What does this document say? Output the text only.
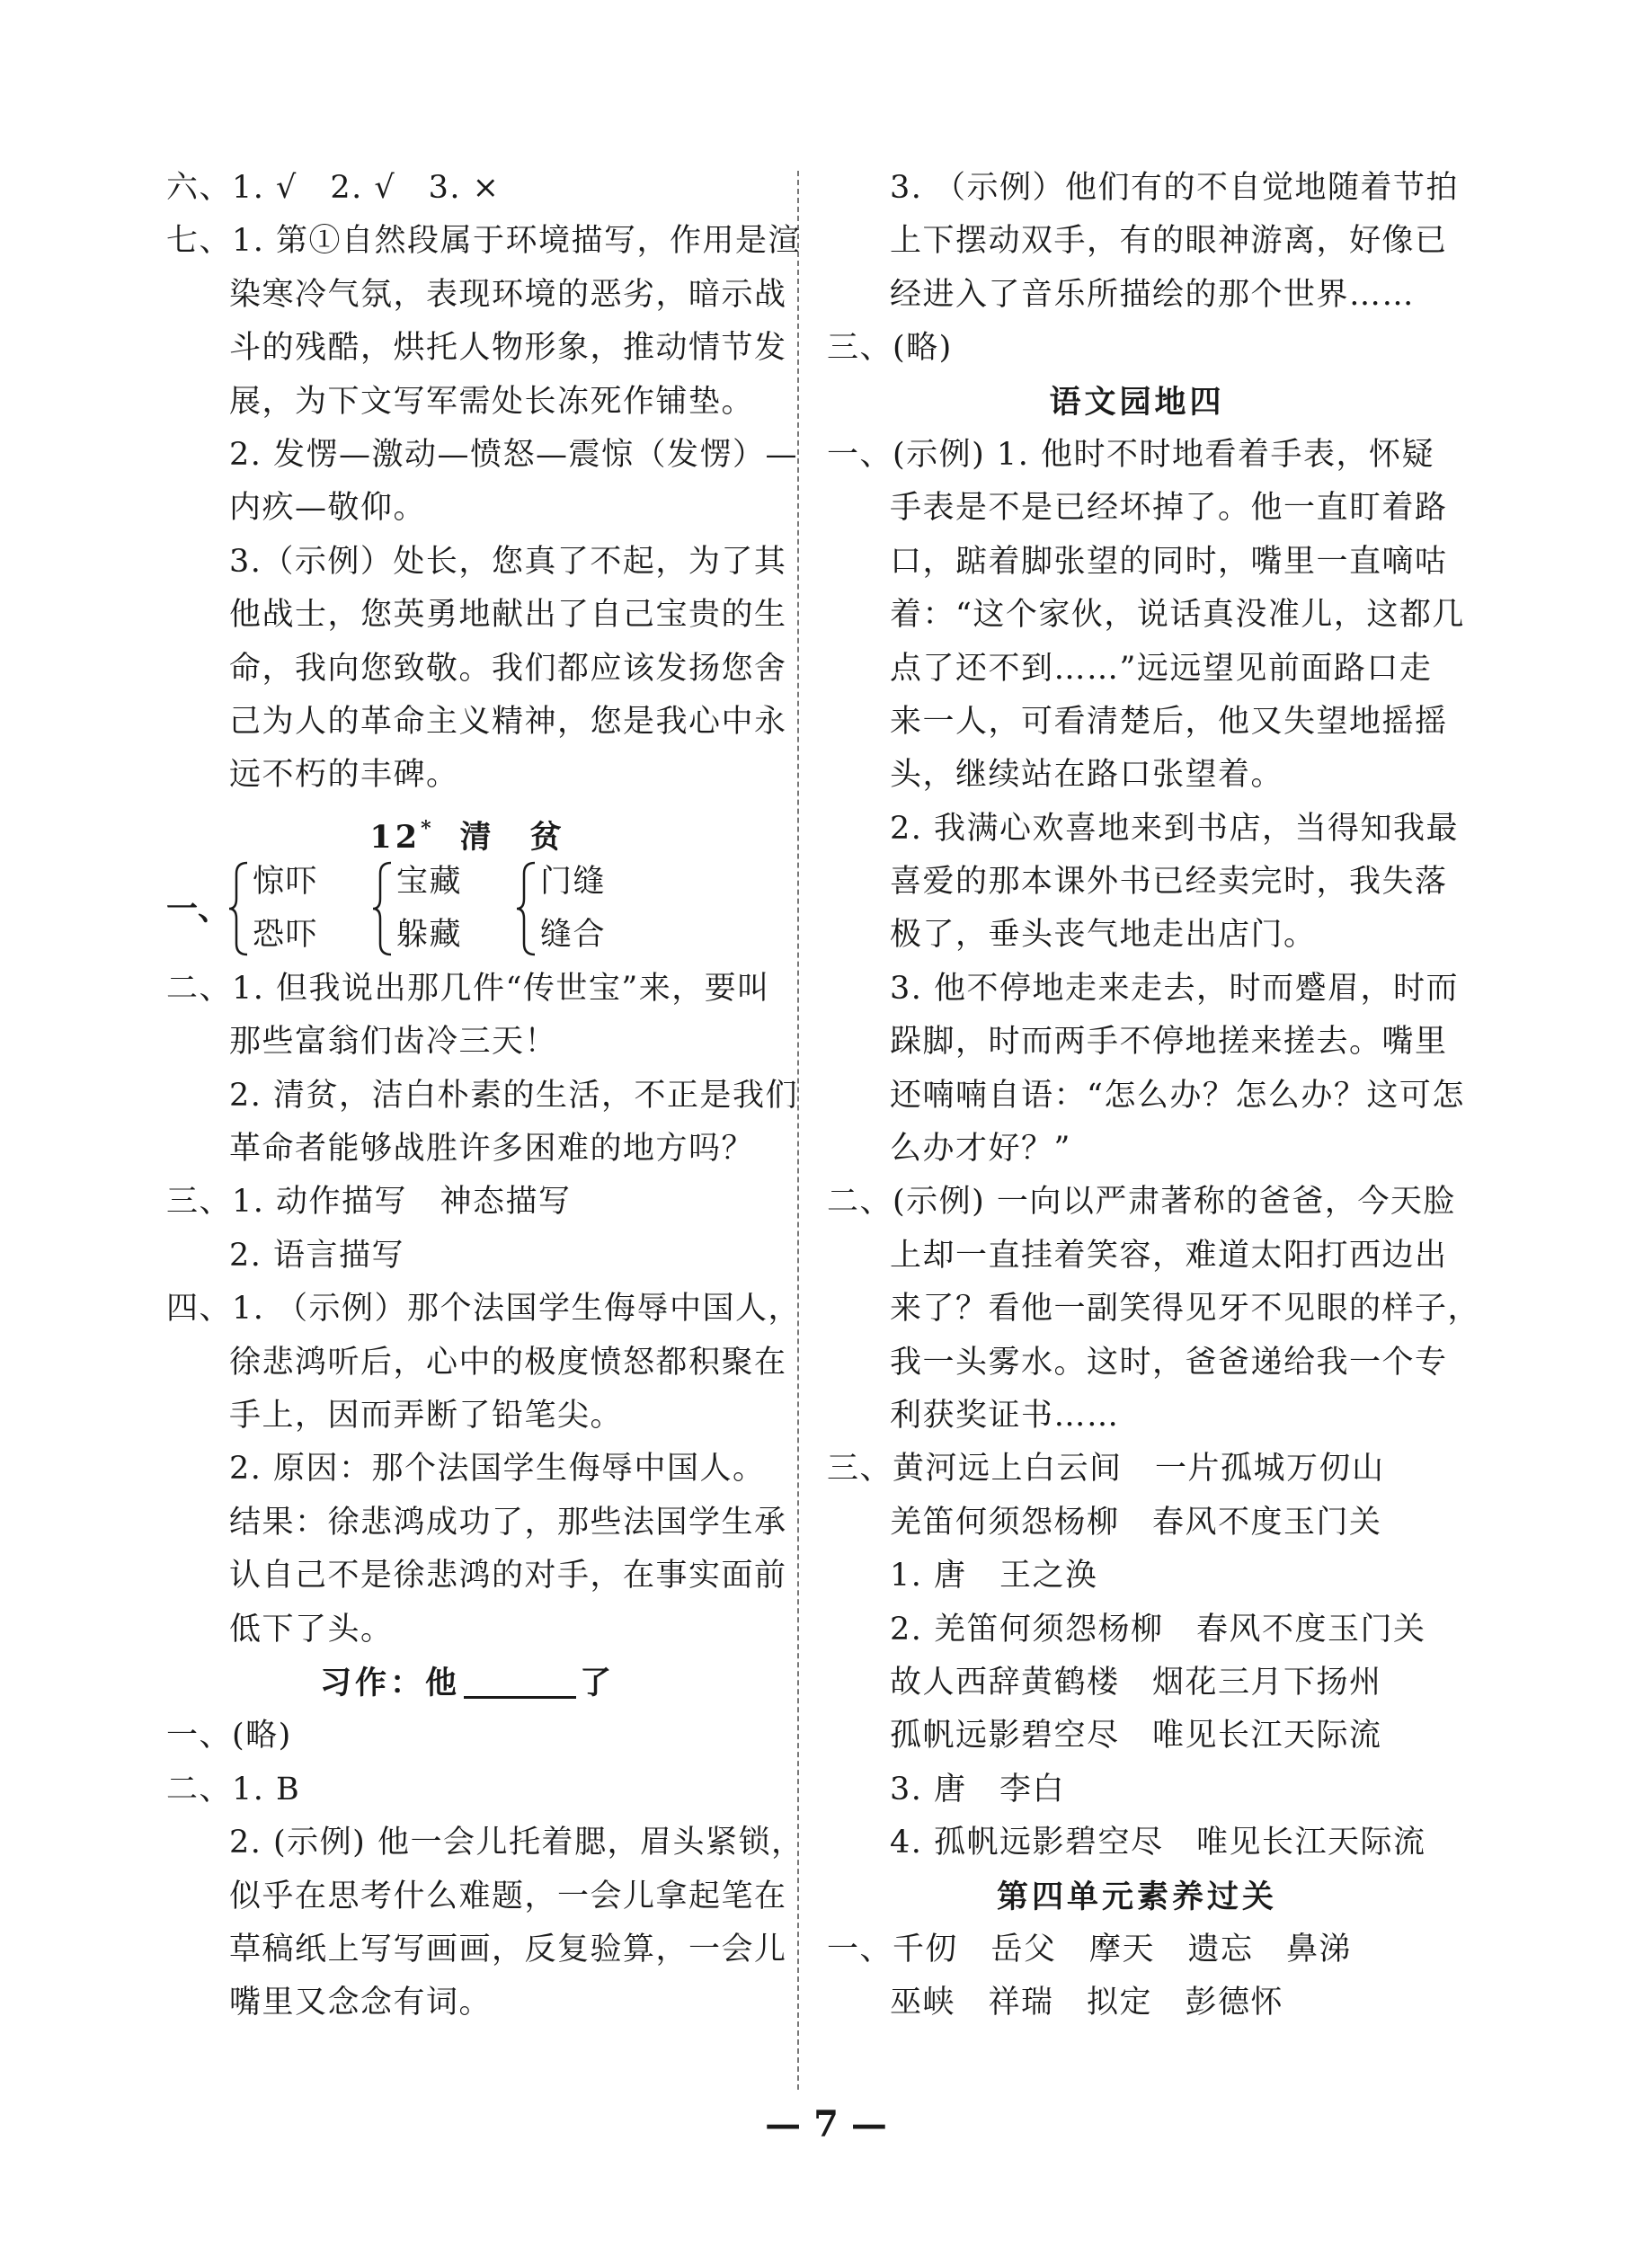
六、1. √　2. √　3. ×
七、1. 第①自然段属于环境描写，作用是渲
染寒冷气氛，表现环境的恶劣，暗示战
斗的残酷，烘托人物形象，推动情节发
展，为下文写军需处长冻死作铺垫。
2. 发愣—激动—愤怒—震惊（发愣）—
内疚—敬仰。
3.（示例）处长，您真了不起，为了其
他战士，您英勇地献出了自己宝贵的生
命，我向您致敬。我们都应该发扬您舍
己为人的革命主义精神，您是我心中永
远不朽的丰碑。
12* 清　贫
一、
惊吓
恐吓
宝藏
躲藏
门缝
缝合
二、1. 但我说出那几件“传世宝”来，要叫
那些富翁们齿冷三天！
2. 清贫，洁白朴素的生活，不正是我们
革命者能够战胜许多困难的地方吗？
三、1. 动作描写　神态描写
2. 语言描写
四、1. （示例）那个法国学生侮辱中国人，
徐悲鸿听后，心中的极度愤怒都积聚在
手上，因而弄断了铅笔尖。
2. 原因：那个法国学生侮辱中国人。
结果：徐悲鸿成功了，那些法国学生承
认自己不是徐悲鸿的对手，在事实面前
低下了头。
习作：他	了
一、(略)
二、1. B
2. (示例) 他一会儿托着腮，眉头紧锁，
似乎在思考什么难题，一会儿拿起笔在
草稿纸上写写画画，反复验算，一会儿
嘴里又念念有词。
3. （示例）他们有的不自觉地随着节拍
上下摆动双手，有的眼神游离，好像已
经进入了音乐所描绘的那个世界……
三、(略)
语文园地四
一、(示例) 1. 他时不时地看着手表，怀疑
手表是不是已经坏掉了。他一直盯着路
口，踮着脚张望的同时，嘴里一直嘀咕
着：“这个家伙，说话真没准儿，这都几
点了还不到……”远远望见前面路口走
来一人，可看清楚后，他又失望地摇摇
头，继续站在路口张望着。
2. 我满心欢喜地来到书店，当得知我最
喜爱的那本课外书已经卖完时，我失落
极了，垂头丧气地走出店门。
3. 他不停地走来走去，时而蹙眉，时而
跺脚，时而两手不停地搓来搓去。嘴里
还喃喃自语：“怎么办？怎么办？这可怎
么办才好？”
二、(示例) 一向以严肃著称的爸爸，今天脸
上却一直挂着笑容，难道太阳打西边出
来了？看他一副笑得见牙不见眼的样子，
我一头雾水。这时，爸爸递给我一个专
利获奖证书……
三、黄河远上白云间　一片孤城万仞山
羌笛何须怨杨柳　春风不度玉门关
1. 唐　王之涣
2. 羌笛何须怨杨柳　春风不度玉门关
故人西辞黄鹤楼　烟花三月下扬州
孤帆远影碧空尽　唯见长江天际流
3. 唐　李白
4. 孤帆远影碧空尽　唯见长江天际流
第四单元素养过关
一、千仞　岳父　摩天　遗忘　鼻涕
巫峡　祥瑞　拟定　彭德怀
— 7 —
